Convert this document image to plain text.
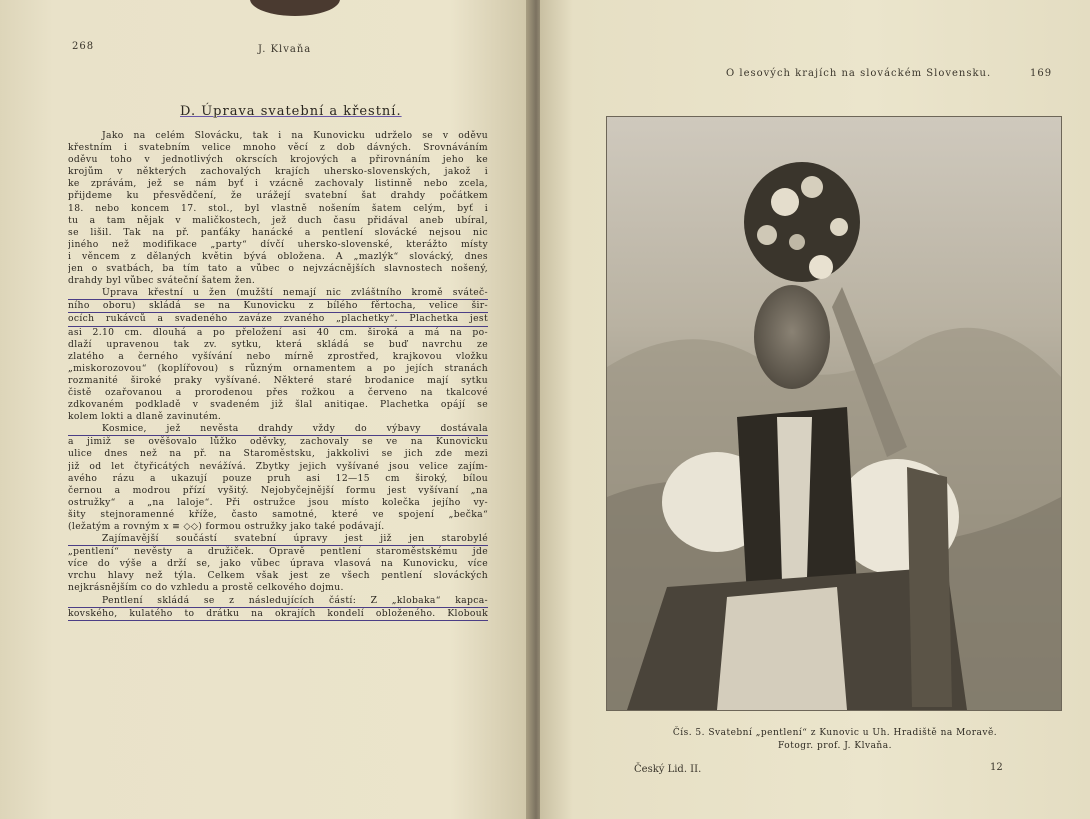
268	J. Klvaňa
D. Úprava svatební a křestní.

Jako na celém Slovácku, tak i na Kunovicku udrželo se v oděvu

křestním i svatebním velice mnoho věcí z dob dávných. Srovnáváním

oděvu toho v jednotlivých okrscích krojových a přirovnáním jeho ke

krojům v některých zachovalých krajích uhersko-slovenských, jakož i

ke zprávám, jež se nám byť i vzácně zachovaly listinně nebo zcela,

přijdeme ku přesvědčení, že urážejí svatební šat drahdy počátkem

18. nebo koncem 17. stol., byl vlastně nošením šatem celým, byť i

tu a tam nějak v maličkostech, jež duch času přidával aneb ubíral,

se lišil. Tak na př. panťáky hanácké a pentlení slovácké nejsou nic

jiného než modifikace „party“ dívčí uhersko-slovenské, kterážto místy

i věncem z dělaných květin bývá obložena. A „mazlýk“ slovácký, dnes

jen o svatbách, ba tím tato a vůbec o nejvzácnějších slavnostech nošený,

drahdy byl vůbec sváteční šatem žen.

Úprava křestní u žen (mužští nemají nic zvláštního kromě sváteč-

ního oboru) skládá se na Kunovicku z bílého fěrtocha, velice šir-

ocích rukávců a svadeného zaváze zvaného „plachetky“. Plachetka jest

asi 2.10 cm. dlouhá a po přeložení asi 40 cm. široká a má na po-

dlaží upravenou tak zv. sytku, která skládá se buď navrchu ze

zlatého a černého vyšívání nebo mírně zprostřed, krajkovou vložku

„miskorozovou“ (koplířovou) s různým ornamentem a po jejích stranách

rozmanité široké praky vyšívané. Některé staré brodanice mají sytku

čistě ozařovanou a prorodenou přes rožkou a červeno na tkalcové

zdkovaném podkladě v svadeném již šlal anitiqae. Plachetka opájí se

kolem lokti a dlaně zavinutém.

Kosmice, jež nevěsta drahdy vždy do výbavy dostávala

a jimiž se ověšovalo lůžko oděvky, zachovaly se ve na Kunovicku

ulice dnes než na př. na Staroměstsku, jakkolivi se jich zde mezi

již od let čtyřicátých nevážívá. Zbytky jejich vyšívané jsou velice zajím-

avého rázu a ukazují pouze pruh asi 12—15 cm široký, bílou

černou a modrou přízí vyšitý. Nejobyčejnější formu jest vyšívaní „na

ostružky“ a „na laloje“. Při ostružce jsou místo kolečka jejího vy-

šity stejnoramenné kříže, často samotné, které ve spojení „bečka“

(ležatým a rovným x ≡ ◇◇) formou ostružky jako také podávají.

Zajímavější součástí svatební úpravy jest již jen starobylé

„pentlení“ nevěsty a družiček. Opravě pentlení staroměstskému jde

více do výše a drží se, jako vůbec úprava vlasová na Kunovicku, více

vrchu hlavy než týla. Celkem však jest ze všech pentlení slováckých

nejkrásnějším co do vzhledu a prostě celkového dojmu.

Pentlení skládá se z následujících částí: Z „klobaka“ kapca-

kovského, kulatého to drátku na okrajích kondelí obloženého. Klobouk

O lesových krajích na slováckém Slovensku.	169
Čís. 5. Svatební „pentlení“ z Kunovic u Uh. Hradiště na Moravě.
Fotogr. prof. J. Klvaňa.
Český Lid. II.	12
